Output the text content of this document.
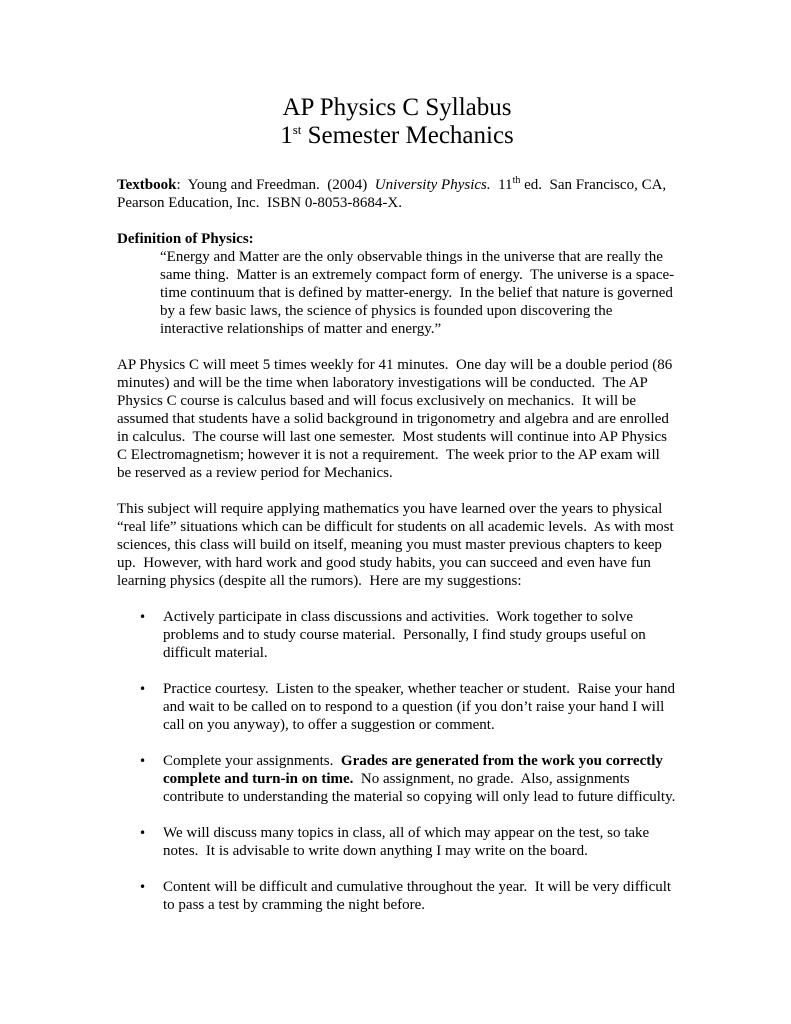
AP Physics C Syllabus
1st Semester Mechanics
Textbook:  Young and Freedman.  (2004)  University Physics.  11th ed.  San Francisco, CA, Pearson Education, Inc.  ISBN 0-8053-8684-X.
Definition of Physics:
“Energy and Matter are the only observable things in the universe that are really the same thing.  Matter is an extremely compact form of energy.  The universe is a space-time continuum that is defined by matter-energy.  In the belief that nature is governed by a few basic laws, the science of physics is founded upon discovering the interactive relationships of matter and energy.”
AP Physics C will meet 5 times weekly for 41 minutes.  One day will be a double period (86 minutes) and will be the time when laboratory investigations will be conducted.  The AP Physics C course is calculus based and will focus exclusively on mechanics.  It will be assumed that students have a solid background in trigonometry and algebra and are enrolled in calculus.  The course will last one semester.  Most students will continue into AP Physics C Electromagnetism; however it is not a requirement.  The week prior to the AP exam will be reserved as a review period for Mechanics.
This subject will require applying mathematics you have learned over the years to physical “real life” situations which can be difficult for students on all academic levels.  As with most sciences, this class will build on itself, meaning you must master previous chapters to keep up.  However, with hard work and good study habits, you can succeed and even have fun learning physics (despite all the rumors).  Here are my suggestions:
• Actively participate in class discussions and activities.  Work together to solve problems and to study course material.  Personally, I find study groups useful on difficult material.
• Practice courtesy.  Listen to the speaker, whether teacher or student.  Raise your hand and wait to be called on to respond to a question (if you don’t raise your hand I will call on you anyway), to offer a suggestion or comment.
• Complete your assignments.  Grades are generated from the work you correctly complete and turn-in on time.  No assignment, no grade.  Also, assignments contribute to understanding the material so copying will only lead to future difficulty.
• We will discuss many topics in class, all of which may appear on the test, so take notes.  It is advisable to write down anything I may write on the board.
• Content will be difficult and cumulative throughout the year.  It will be very difficult to pass a test by cramming the night before.
